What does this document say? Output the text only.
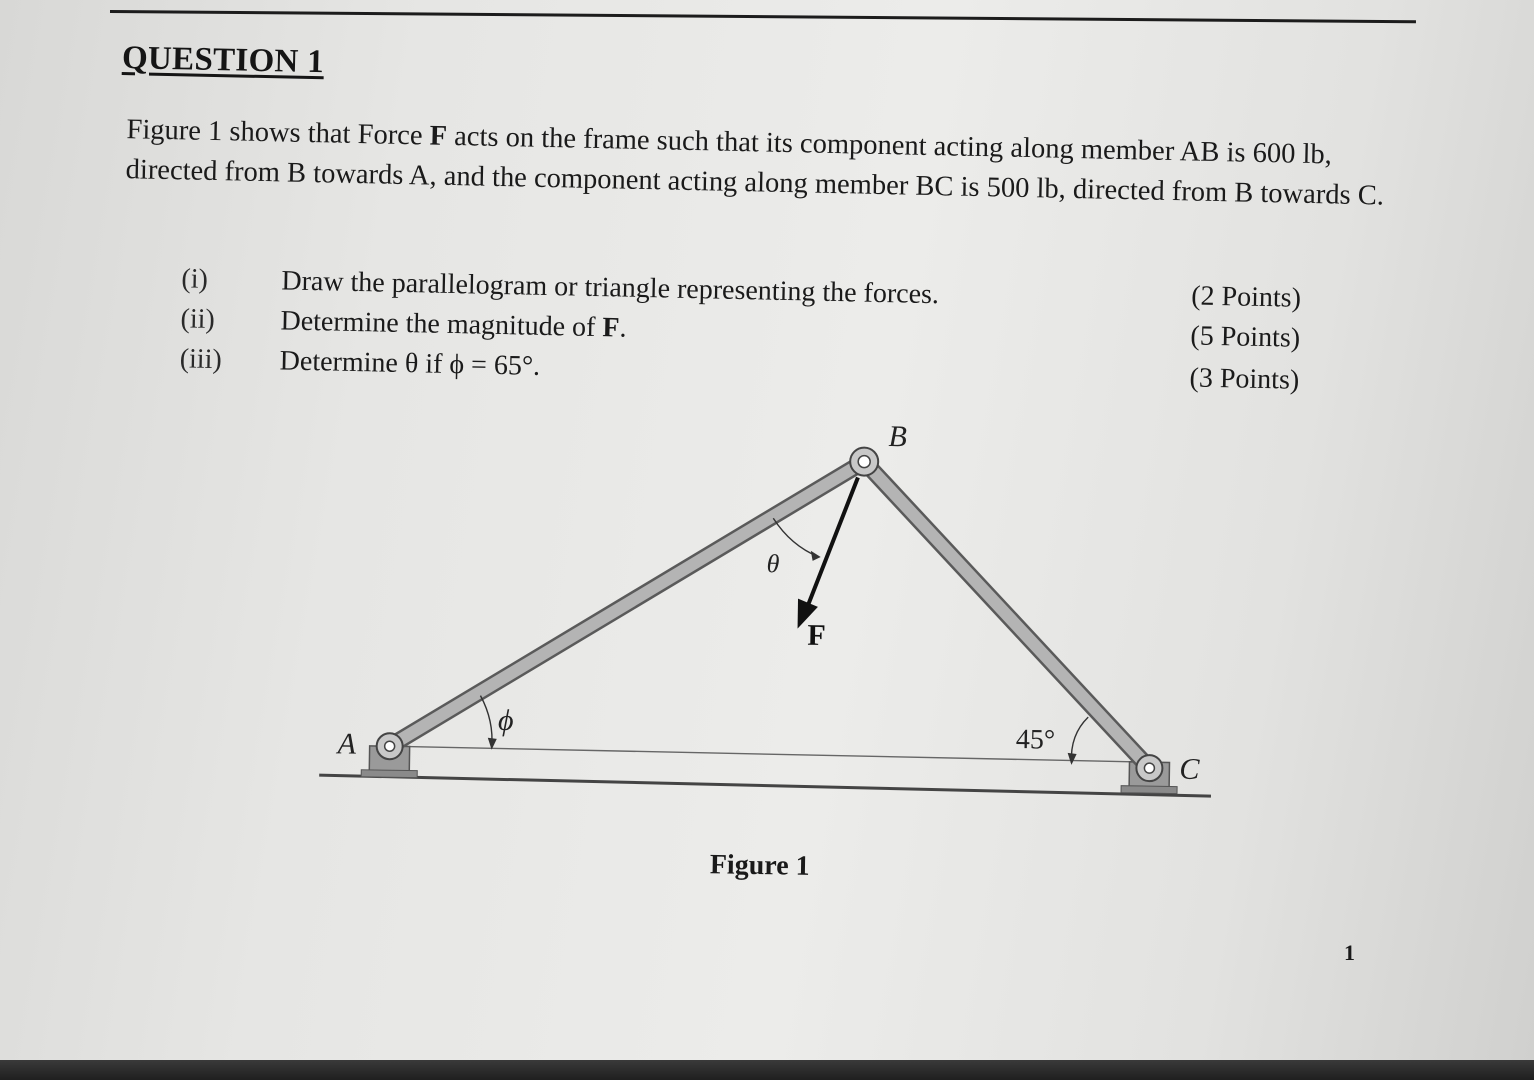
QUESTION 1
Figure 1 shows that Force F acts on the frame such that its component acting along member AB is 600 lb, directed from B towards A, and the component acting along member BC is 500 lb, directed from B towards C.
(i)	Draw the parallelogram or triangle representing the forces.
(ii) Determine the magnitude of F.
(iii) Determine θ if ϕ = 65°.
(2 Points)
(5 Points)
(3 Points)
B
A
C
F
θ
ϕ
45°
Figure 1
1
